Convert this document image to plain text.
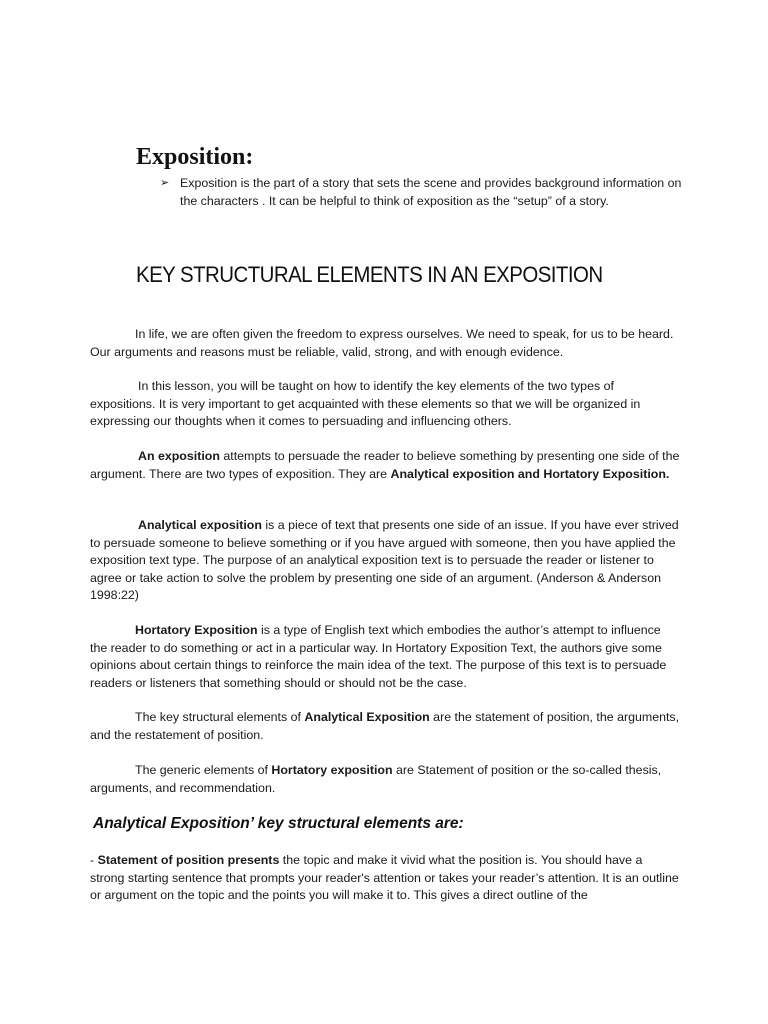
Exposition:
➢ Exposition is the part of a story that sets the scene and provides background information on the characters . It can be helpful to think of exposition as the “setup” of a story.
KEY STRUCTURAL ELEMENTS IN AN EXPOSITION

In life, we are often given the freedom to express ourselves. We need to speak, for us to be heard. Our arguments and reasons must be reliable, valid, strong, and with enough evidence.

In this lesson, you will be taught on how to identify the key elements of the two types of expositions. It is very important to get acquainted with these elements so that we will be organized in expressing our thoughts when it comes to persuading and influencing others.

An exposition attempts to persuade the reader to believe something by presenting one side of the argument. There are two types of exposition. They are Analytical exposition and Hortatory Exposition.

Analytical exposition is a piece of text that presents one side of an issue. If you have ever strived to persuade someone to believe something or if you have argued with someone, then you have applied the exposition text type. The purpose of an analytical exposition text is to persuade the reader or listener to agree or take action to solve the problem by presenting one side of an argument. (Anderson & Anderson 1998:22)

Hortatory Exposition is a type of English text which embodies the author’s attempt to influence the reader to do something or act in a particular way. In Hortatory Exposition Text, the authors give some opinions about certain things to reinforce the main idea of the text. The purpose of this text is to persuade readers or listeners that something should or should not be the case.

The key structural elements of Analytical Exposition are the statement of position, the arguments, and the restatement of position.

The generic elements of Hortatory exposition are Statement of position or the so-called thesis, arguments, and recommendation.

Analytical Exposition’ key structural elements are:

- Statement of position presents the topic and make it vivid what the position is. You should have a strong starting sentence that prompts your reader's attention or takes your reader’s attention. It is an outline or argument on the topic and the points you will make it to. This gives a direct outline of the
